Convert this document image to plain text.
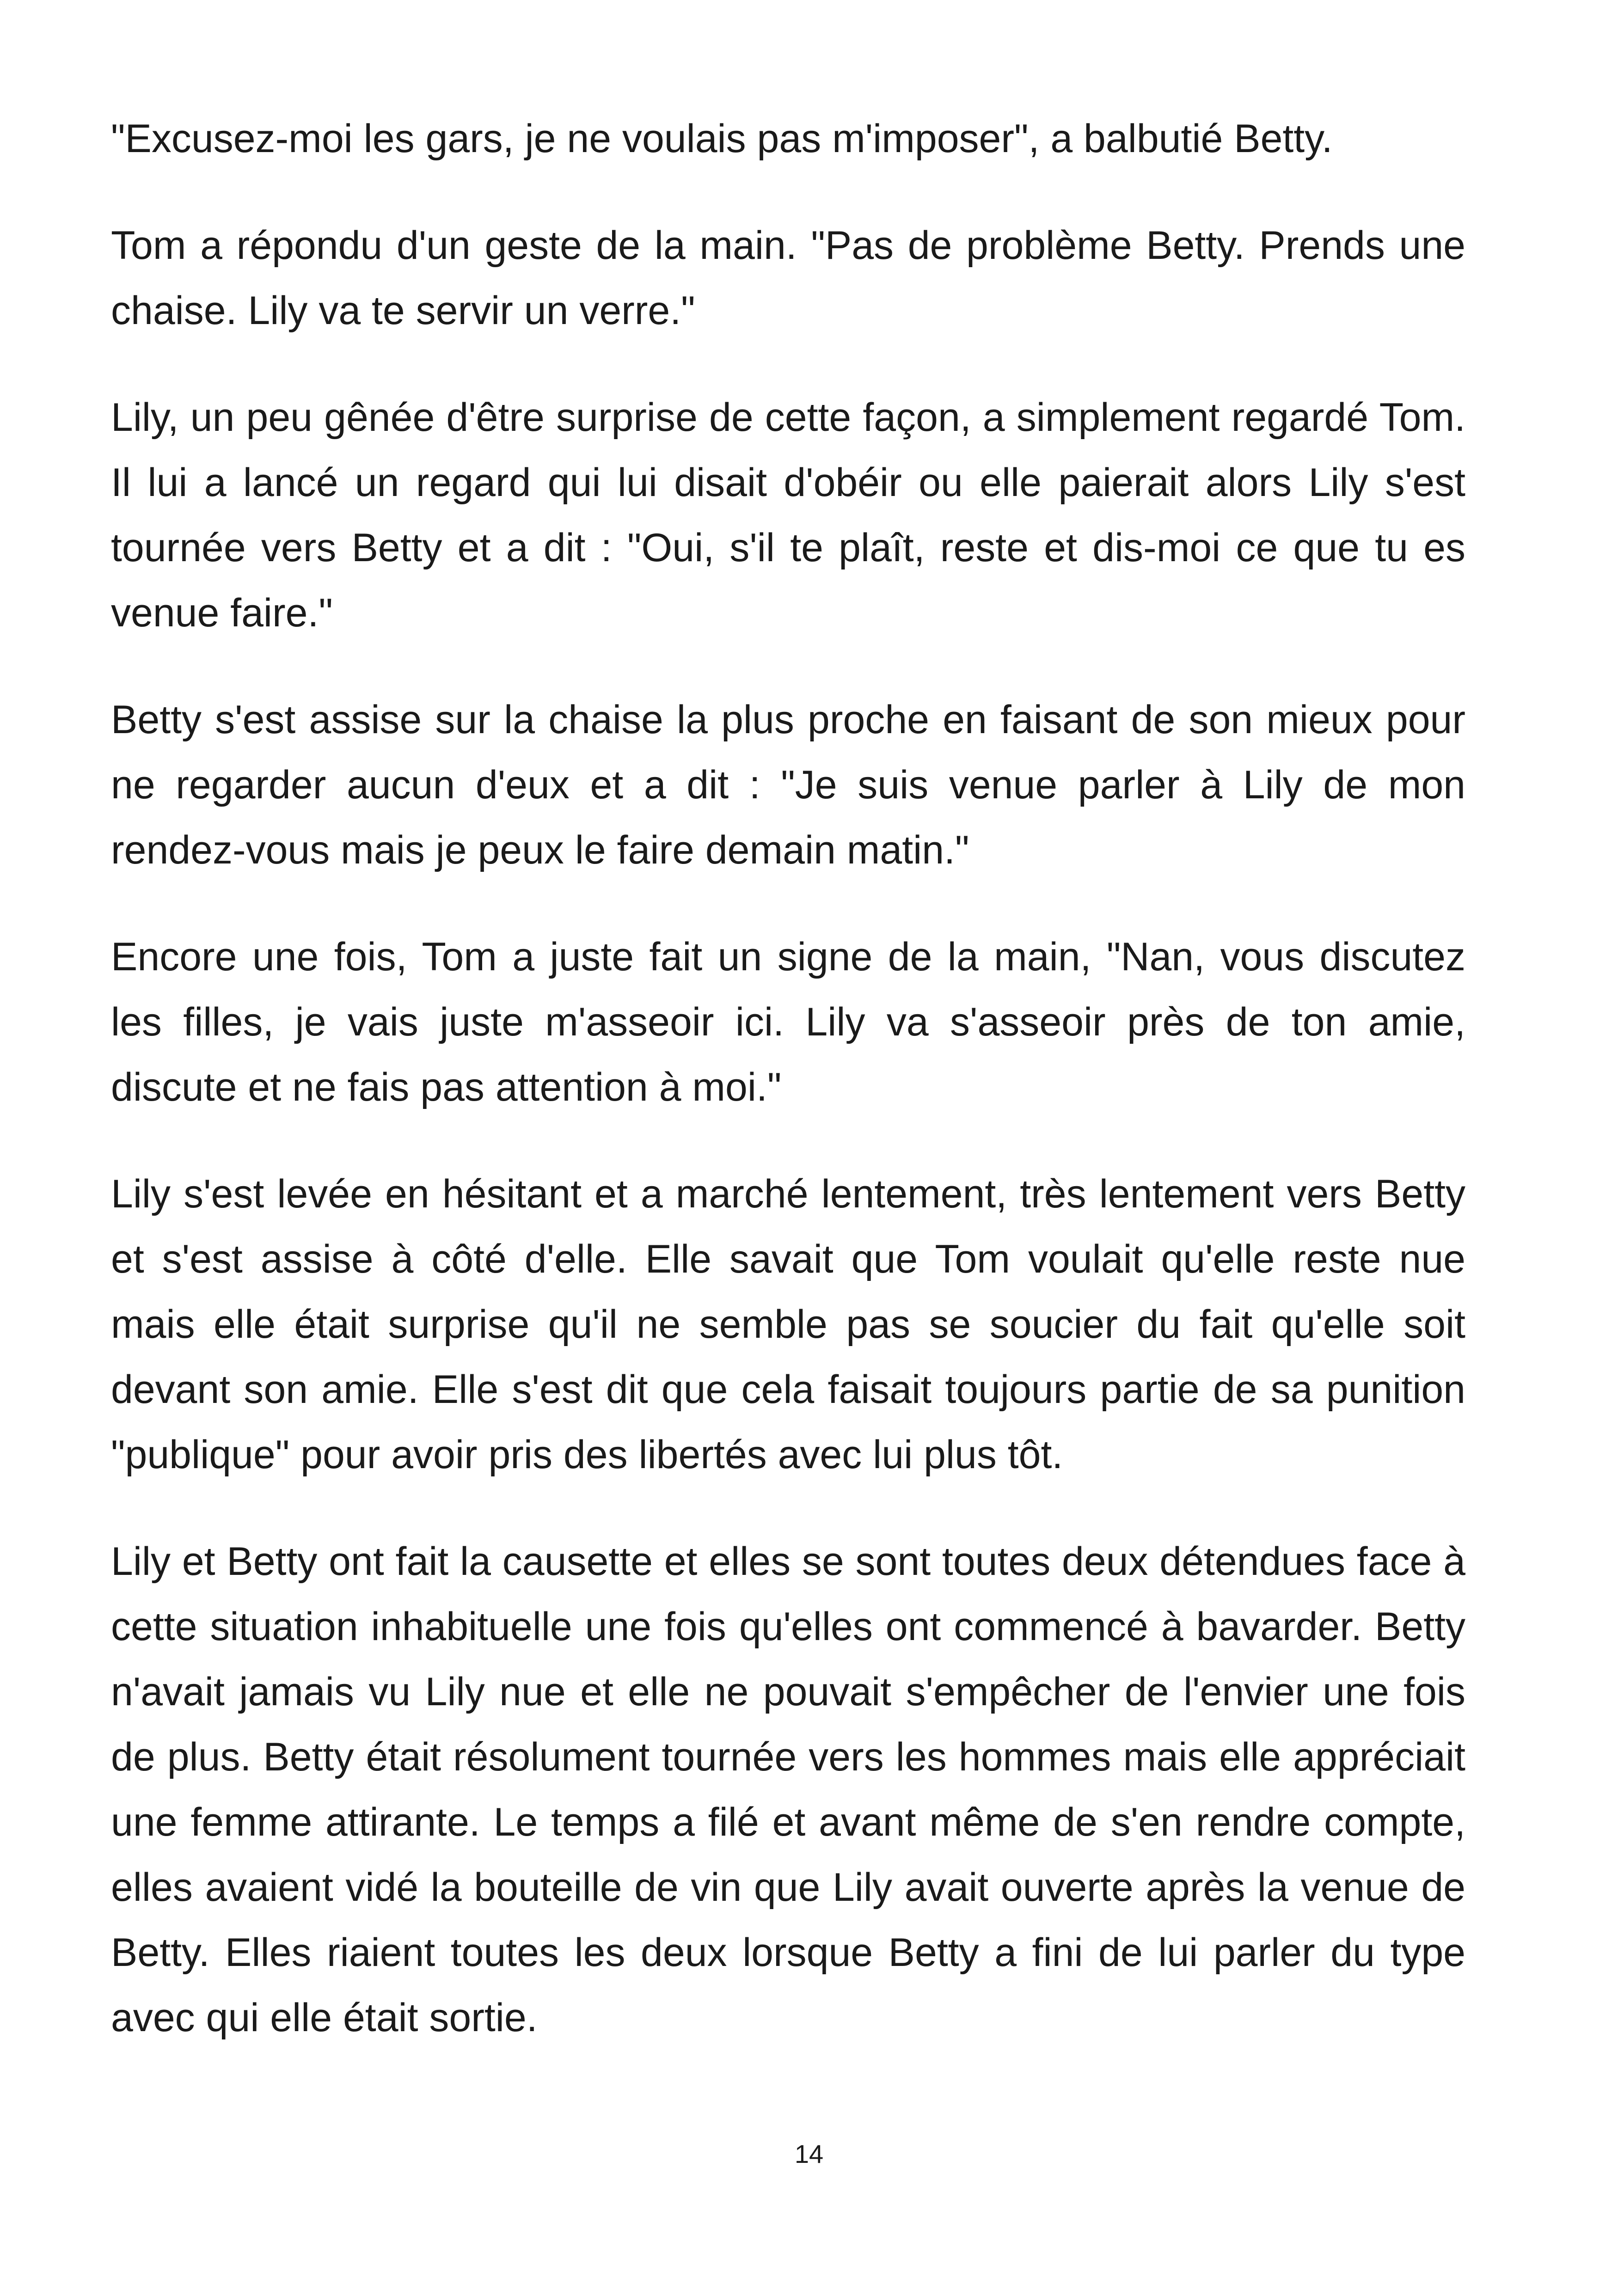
"Excusez-moi les gars, je ne voulais pas m'imposer", a balbutié Betty.

Tom a répondu d'un geste de la main. "Pas de problème Betty. Prends une chaise. Lily va te servir un verre."

Lily, un peu gênée d'être surprise de cette façon, a simplement regardé Tom. Il lui a lancé un regard qui lui disait d'obéir ou elle paierait alors Lily s'est tournée vers Betty et a dit : "Oui, s'il te plaît, reste et dis-moi ce que tu es venue faire."

Betty s'est assise sur la chaise la plus proche en faisant de son mieux pour ne regarder aucun d'eux et a dit : "Je suis venue parler à Lily de mon rendez-vous mais je peux le faire demain matin."

Encore une fois, Tom a juste fait un signe de la main, "Nan, vous discutez les filles, je vais juste m'asseoir ici. Lily va s'asseoir près de ton amie, discute et ne fais pas attention à moi."

Lily s'est levée en hésitant et a marché lentement, très lentement vers Betty et s'est assise à côté d'elle. Elle savait que Tom voulait qu'elle reste nue mais elle était surprise qu'il ne semble pas se soucier du fait qu'elle soit devant son amie. Elle s'est dit que cela faisait toujours partie de sa punition "publique" pour avoir pris des libertés avec lui plus tôt.

Lily et Betty ont fait la causette et elles se sont toutes deux détendues face à cette situation inhabituelle une fois qu'elles ont commencé à bavarder. Betty n'avait jamais vu Lily nue et elle ne pouvait s'empêcher de l'envier une fois de plus. Betty était résolument tournée vers les hommes mais elle appréciait une femme attirante. Le temps a filé et avant même de s'en rendre compte, elles avaient vidé la bouteille de vin que Lily avait ouverte après la venue de Betty. Elles riaient toutes les deux lorsque Betty a fini de lui parler du type avec qui elle était sortie.

14
